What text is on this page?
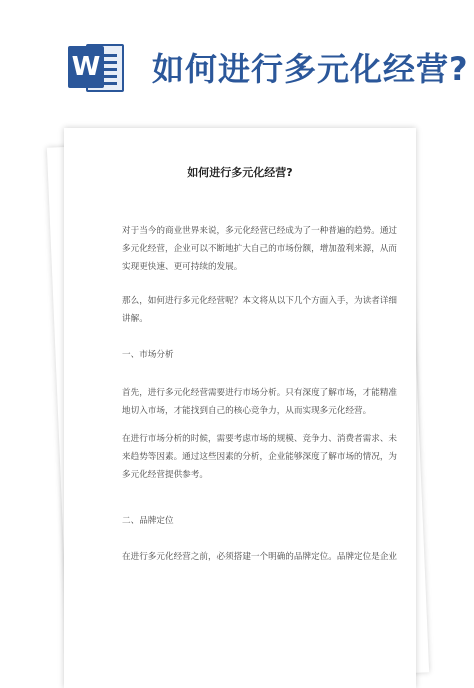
W 如何进行多元化经营?
如何进行多元化经营?
对于当今的商业世界来说，多元化经营已经成为了一种普遍的趋势。通过
多元化经营，企业可以不断地扩大自己的市场份额，增加盈利来源，从而
实现更快速、更可持续的发展。
那么，如何进行多元化经营呢？本文将从以下几个方面入手，为读者详细
讲解。
一、市场分析
首先，进行多元化经营需要进行市场分析。只有深度了解市场，才能精准
地切入市场，才能找到自己的核心竞争力，从而实现多元化经营。
在进行市场分析的时候，需要考虑市场的规模、竞争力、消费者需求、未
来趋势等因素。通过这些因素的分析，企业能够深度了解市场的情况，为
多元化经营提供参考。
二、品牌定位
在进行多元化经营之前，必须搭建一个明确的品牌定位。品牌定位是企业
